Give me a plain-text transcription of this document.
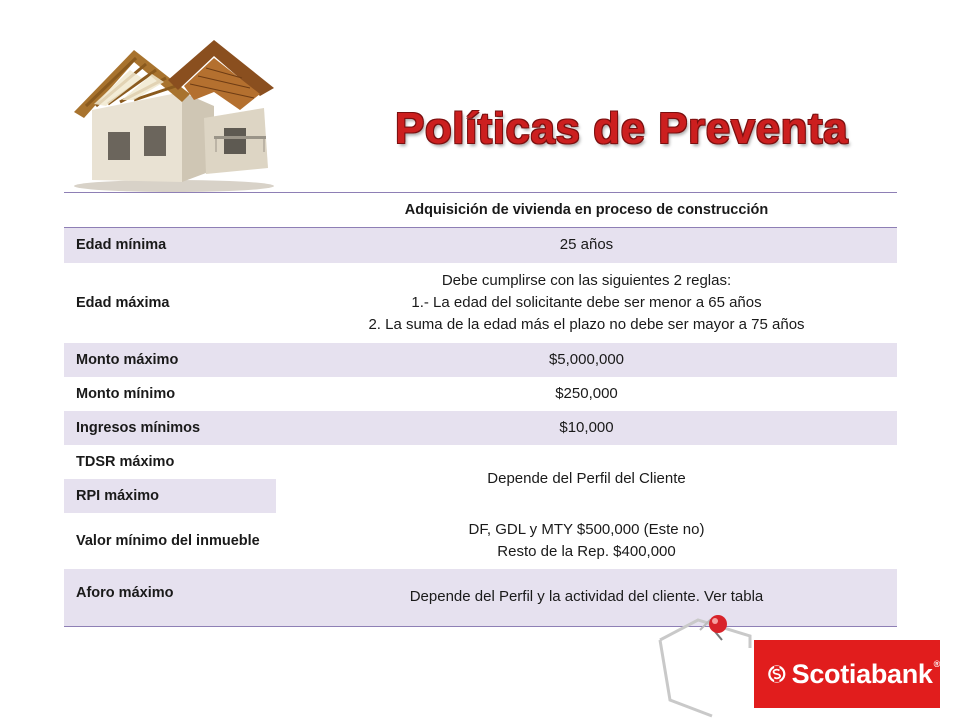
Políticas de Preventa
	Adquisición de vivienda en proceso de construcción
Edad mínima	25 años
Edad máxima	Debe cumplirse con las siguientes 2 reglas:
1.- La edad del solicitante debe ser menor a 65 años
2. La suma de la edad más el plazo no debe ser mayor a 75 años

Monto máximo	$5,000,000
Monto mínimo	$250,000
Ingresos mínimos	$10,000
TDSR máximo	Depende del Perfil del Cliente
RPI máximo	
Valor mínimo del inmueble	DF, GDL y MTY $500,000 (Este no)
Resto de la Rep. $400,000

Aforo máximo	Depende del Perfil y la actividad del cliente. Ver tabla
Scotiabank®
